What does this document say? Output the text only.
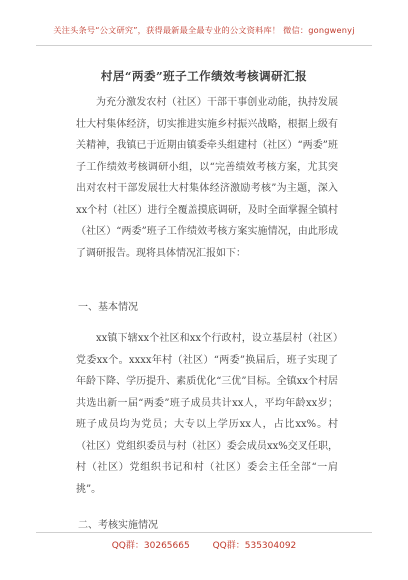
关注头条号“公文研究”，获得最新最全最专业的公文资料库！ 微信：gongwenyj
村居“两委”班子工作绩效考核调研汇报
为充分激发农村（社区）干部干事创业动能，执持发展壮大村集体经济，切实推进实施乡村振兴战略，根据上级有关精神，我镇已于近期由镇委牵头组建村（社区）“两委”班子工作绩效考核调研小组，以“完善绩效考核方案，尤其突出对农村干部发展壮大村集体经济激励考核”为主题，深入xx个村（社区）进行全覆盖摸底调研，及时全面掌握全镇村（社区）“两委”班子工作绩效考核方案实施情况，由此形成了调研报告。现将具体情况汇报如下：
一、基本情况
xx镇下辖xx个社区和xx个行政村，设立基层村（社区）党委xx个。xxxx年村（社区）“两委”换届后，班子实现了年龄下降、学历提升、素质优化“三优”目标。全镇xx个村居共选出新一届“两委”班子成员共计xx人，平均年龄xx岁；班子成员均为党员；大专以上学历xx人，占比xx%。村（社区）党组织委员与村（社区）委会成员xx%交叉任职，村（社区）党组织书记和村（社区）委会主任全部“一肩挑”。
二、考核实施情况
QQ群：30265665	QQ群：535304092
